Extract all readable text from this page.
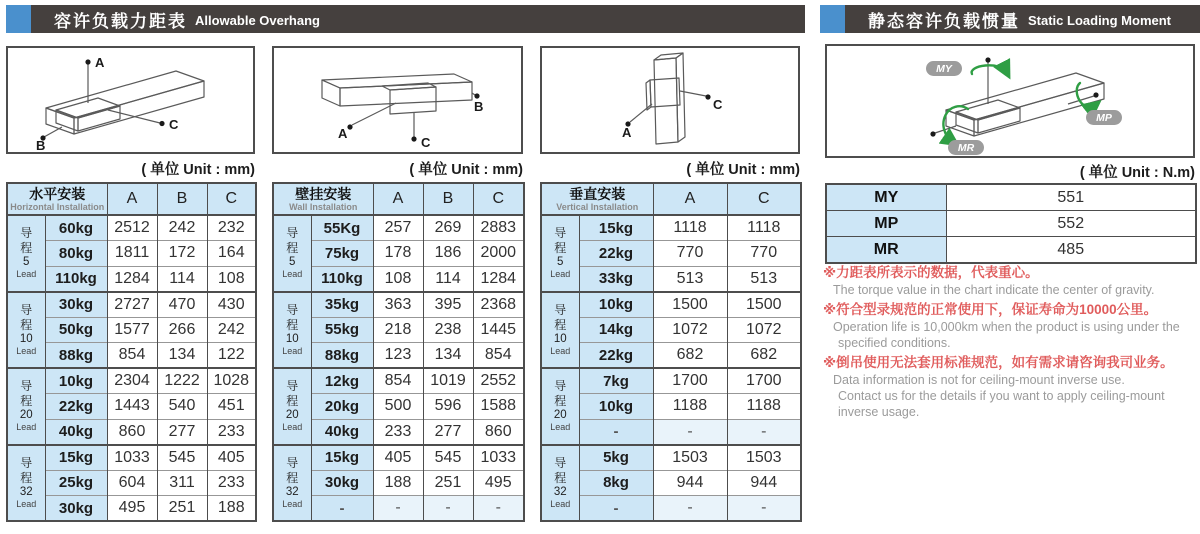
容许负载力距表 Allowable Overhang	静态容许负载惯量 Static Loading Moment
A
C
B
A
C
B
A
C
MY
MP
MR
( 单位 Unit : mm)	( 单位 Unit : mm)	( 单位 Unit : mm)	( 单位 Unit : N.m)
水平安装
Horizontal Installation		A	B	C

导
程
5
Lead	60kg	2512	242	232
	80kg	1811	172	164
	110kg	1284	114	108

导
程
10
Lead	30kg	2727	470	430
	50kg	1577	266	242
	88kg	854	134	122

导
程
20
Lead	10kg	2304	1222	1028
	22kg	1443	540	451
	40kg	860	277	233

导
程
32
Lead	15kg	1033	545	405
	25kg	604	311	233
	30kg	495	251	188
壁挂安装
Wall Installation		A	B	C

导
程
5
Lead	55Kg	257	269	2883
	75kg	178	186	2000
	110kg	108	114	1284

导
程
10
Lead	35kg	363	395	2368
	55kg	218	238	1445
	88kg	123	134	854

导
程
20
Lead	12kg	854	1019	2552
	20kg	500	596	1588
	40kg	233	277	860

导
程
32
Lead	15kg	405	545	1033
	30kg	188	251	495
	-	-	-	-
垂直安装
Vertical Installation		A	C

导
程
5
Lead	15kg	1118	1118
	22kg	770	770
	33kg	513	513

导
程
10
Lead	10kg	1500	1500
	14kg	1072	1072
	22kg	682	682

导
程
20
Lead	7kg	1700	1700
	10kg	1188	1188
	-	-	-

导
程
32
Lead	5kg	1503	1503
	8kg	944	944
	-	-	-
MY	551
MP	552
MR	485
※力距表所表示的数据，代表重心。
The torque value in the chart indicate the center of gravity.
※符合型录规范的正常使用下，保证寿命为10000公里。
Operation life is 10,000km when the product is using under the
specified conditions.
※倒吊使用无法套用标准规范，如有需求请咨询我司业务。
Data information is not for ceiling-mount inverse use.
Contact us for the details if you want to apply ceiling-mount
inverse usage.
